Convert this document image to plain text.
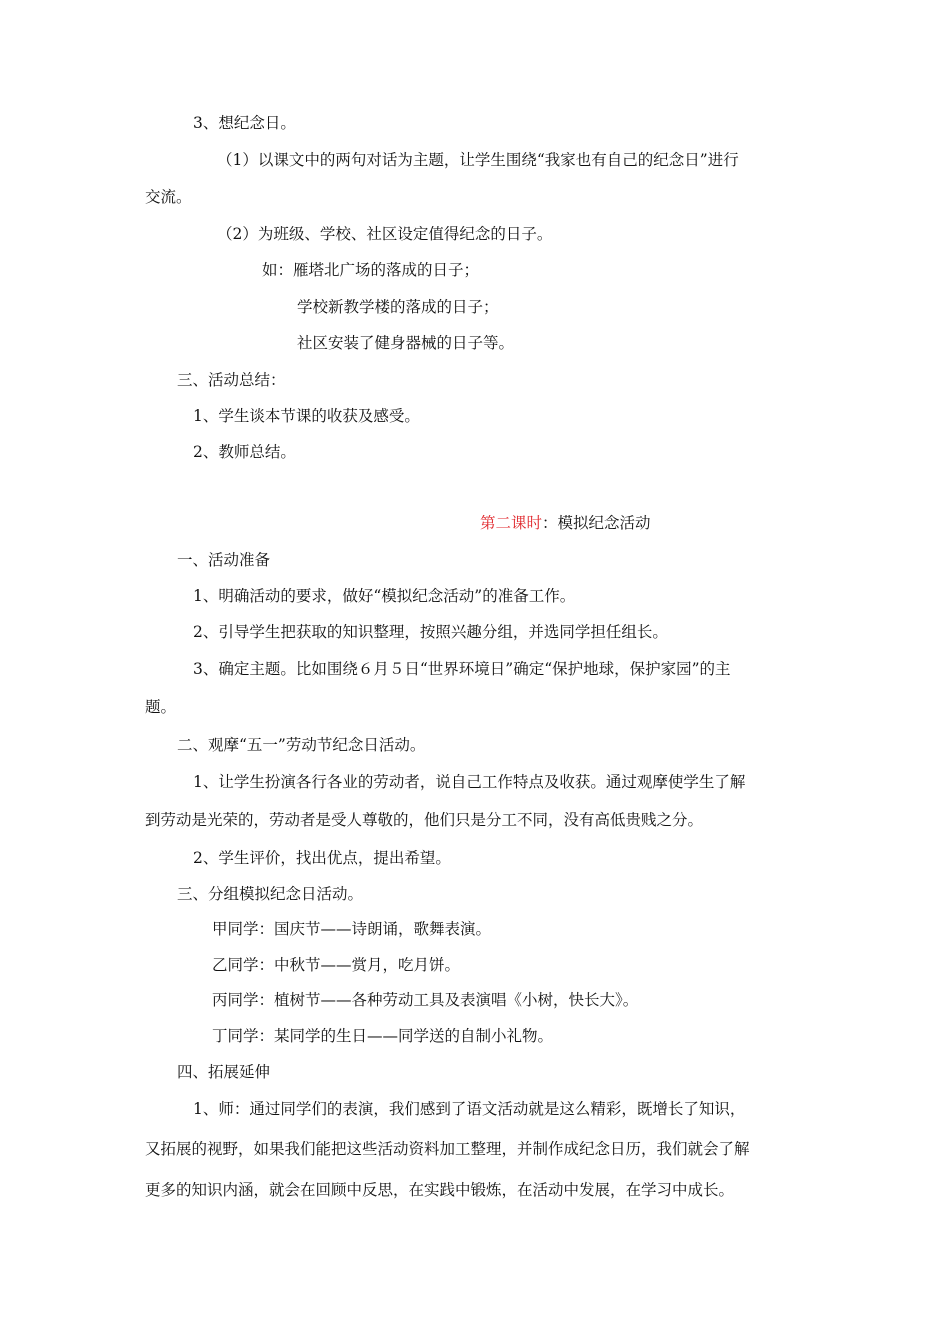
3、想纪念日。
（1）以课文中的两句对话为主题，让学生围绕“我家也有自己的纪念日”进行
交流。
（2）为班级、学校、社区设定值得纪念的日子。
如：雁塔北广场的落成的日子；
学校新教学楼的落成的日子；
社区安装了健身器械的日子等。
三、活动总结：
1、学生谈本节课的收获及感受。
2、教师总结。
第二课时：模拟纪念活动
一、活动准备
1、明确活动的要求，做好“模拟纪念活动”的准备工作。
2、引导学生把获取的知识整理，按照兴趣分组，并选同学担任组长。
3、确定主题。比如围绕６月５日“世界环境日”确定“保护地球，保护家园”的主
题。
二、观摩“五一”劳动节纪念日活动。
1、让学生扮演各行各业的劳动者，说自己工作特点及收获。通过观摩使学生了解
到劳动是光荣的，劳动者是受人尊敬的，他们只是分工不同，没有高低贵贱之分。
2、学生评价，找出优点，提出希望。
三、分组模拟纪念日活动。
甲同学：国庆节——诗朗诵，歌舞表演。
乙同学：中秋节——赏月，吃月饼。
丙同学：植树节——各种劳动工具及表演唱《小树，快长大》。
丁同学：某同学的生日——同学送的自制小礼物。
四、拓展延伸
1、师：通过同学们的表演，我们感到了语文活动就是这么精彩，既增长了知识，
又拓展的视野，如果我们能把这些活动资料加工整理，并制作成纪念日历，我们就会了解
更多的知识内涵，就会在回顾中反思，在实践中锻炼，在活动中发展，在学习中成长。
